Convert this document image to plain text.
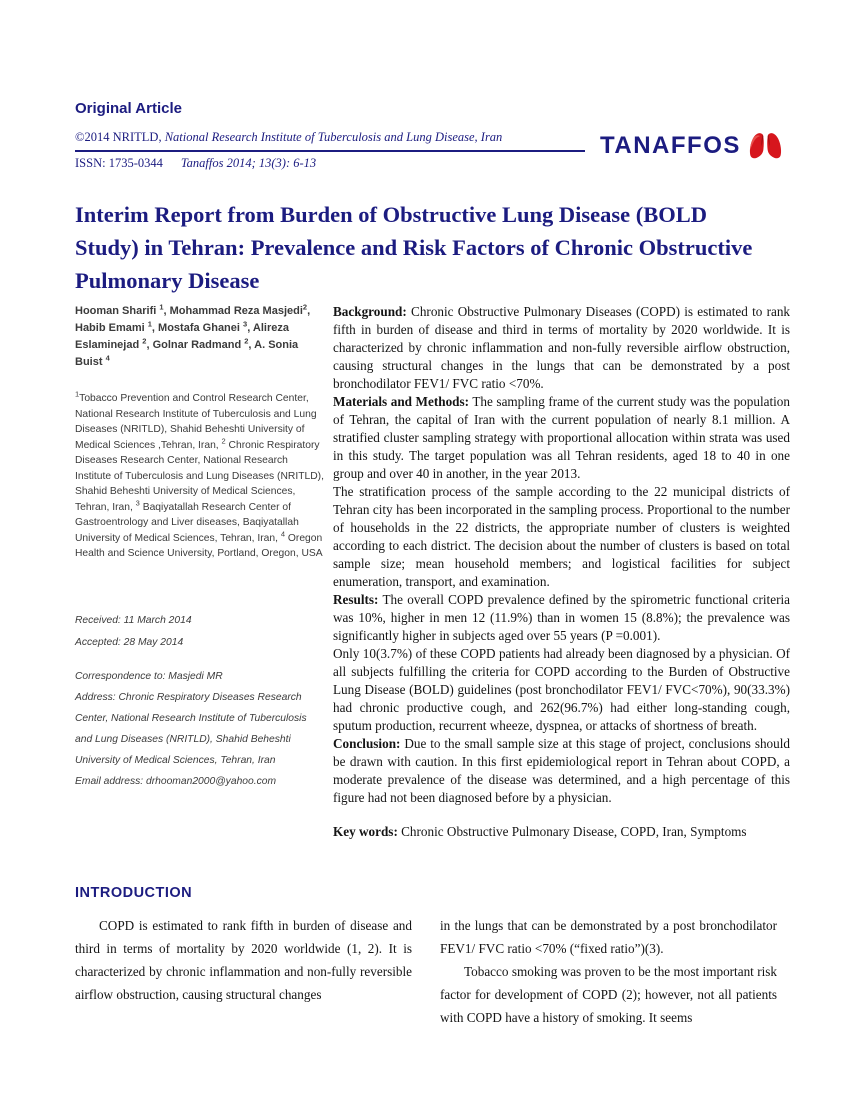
Original Article
©2014 NRITLD, National Research Institute of Tuberculosis and Lung Disease, Iran
ISSN: 1735-0344 Tanaffos 2014; 13(3): 6-13
TANAFFOS
Interim Report from Burden of Obstructive Lung Disease (BOLD Study) in Tehran: Prevalence and Risk Factors of Chronic Obstructive Pulmonary Disease

Hooman Sharifi $^1$, Mohammad Reza Masjedi$^2$, Habib Emami $^1$, Mostafa Ghanei $^3$, Alireza Eslaminejad $^2$, Golnar Radmand $^2$, A. Sonia Buist $^4$

$^1$Tobacco Prevention and Control Research Center, National Research Institute of Tuberculosis and Lung Diseases (NRITLD), Shahid Beheshti University of Medical Sciences ,Tehran, Iran, $^2$ Chronic Respiratory Diseases Research Center, National Research Institute of Tuberculosis and Lung Diseases (NRITLD), Shahid Beheshti University of Medical Sciences, Tehran, Iran, $^3$ Baqiyatallah Research Center of Gastroentrology and Liver diseases, Baqiyatallah University of Medical Sciences, Tehran, Iran, $^4$ Oregon Health and Science University, Portland, Oregon, USA

Received: 11 March 2014

Accepted: 28 May 2014

Correspondence to: Masjedi MR

Address: Chronic Respiratory Diseases Research Center, National Research Institute of Tuberculosis and Lung Diseases (NRITLD), Shahid Beheshti University of Medical Sciences, Tehran, Iran

Email address: drhooman2000@yahoo.com

Background: Chronic Obstructive Pulmonary Diseases (COPD) is estimated to rank fifth in burden of disease and third in terms of mortality by 2020 worldwide. It is characterized by chronic inflammation and non-fully reversible airflow obstruction, causing structural changes in the lungs that can be demonstrated by a post bronchodilator FEV1/ FVC ratio <70%.

Materials and Methods: The sampling frame of the current study was the population of Tehran, the capital of Iran with the current population of nearly 8.1 million. A stratified cluster sampling strategy with proportional allocation within strata was used in this study. The target population was all Tehran residents, aged 18 to 40 in one group and over 40 in another, in the year 2013.

The stratification process of the sample according to the 22 municipal districts of Tehran city has been incorporated in the sampling process. Proportional to the number of households in the 22 districts, the appropriate number of clusters is weighted according to each district. The decision about the number of clusters is based on total sample size; mean household members; and logistical facilities for subject enumeration, transport, and examination.

Results: The overall COPD prevalence defined by the spirometric functional criteria was 10%, higher in men 12 (11.9%) than in women 15 (8.8%); the prevalence was significantly higher in subjects aged over 55 years (P =0.001).

Only 10(3.7%) of these COPD patients had already been diagnosed by a physician. Of all subjects fulfilling the criteria for COPD according to the Burden of Obstructive Lung Disease (BOLD) guidelines (post bronchodilator FEV1/ FVC<70%), 90(33.3%) had chronic productive cough, and 262(96.7%) had either long-standing cough, sputum production, recurrent wheeze, dyspnea, or attacks of shortness of breath.

Conclusion: Due to the small sample size at this stage of project, conclusions should be drawn with caution. In this first epidemiological report in Tehran about COPD, a moderate prevalence of the disease was determined, and a high percentage of this figure had not been diagnosed before by a physician.

Key words: Chronic Obstructive Pulmonary Disease, COPD, Iran, Symptoms

INTRODUCTION

COPD is estimated to rank fifth in burden of disease and third in terms of mortality by 2020 worldwide (1, 2). It is characterized by chronic inflammation and non-fully reversible airflow obstruction, causing structural changes

in the lungs that can be demonstrated by a post bronchodilator FEV1/ FVC ratio <70% (“fixed ratio”)(3).

Tobacco smoking was proven to be the most important risk factor for development of COPD (2); however, not all patients with COPD have a history of smoking. It seems
